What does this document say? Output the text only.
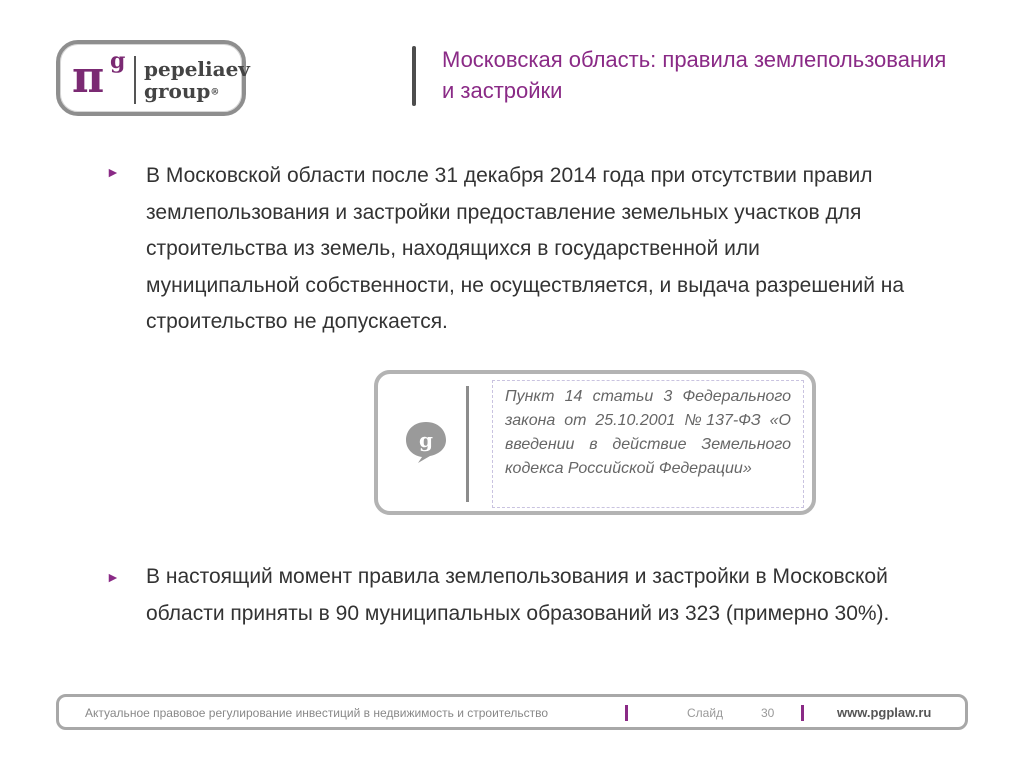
π g pepeliaev
group®
Московская область: правила землепользования и застройки
► В Московской области после 31 декабря 2014 года при отсутствии правил землепользования и застройки предоставление земельных участков для строительства из земель, находящихся в государственной или муниципальной собственности, не осуществляется, и выдача разрешений на строительство не допускается.
g
Пункт 14 статьи 3 Федерального закона от 25.10.2001 №137-ФЗ «О введении в действие Земельного кодекса Российской Федерации»
► В настоящий момент правила землепользования и застройки в Московской области приняты в 90 муниципальных образований из 323 (примерно 30%).
Актуальное правовое регулирование инвестиций в недвижимость и строительство	Слайд	30	www.pgplaw.ru
